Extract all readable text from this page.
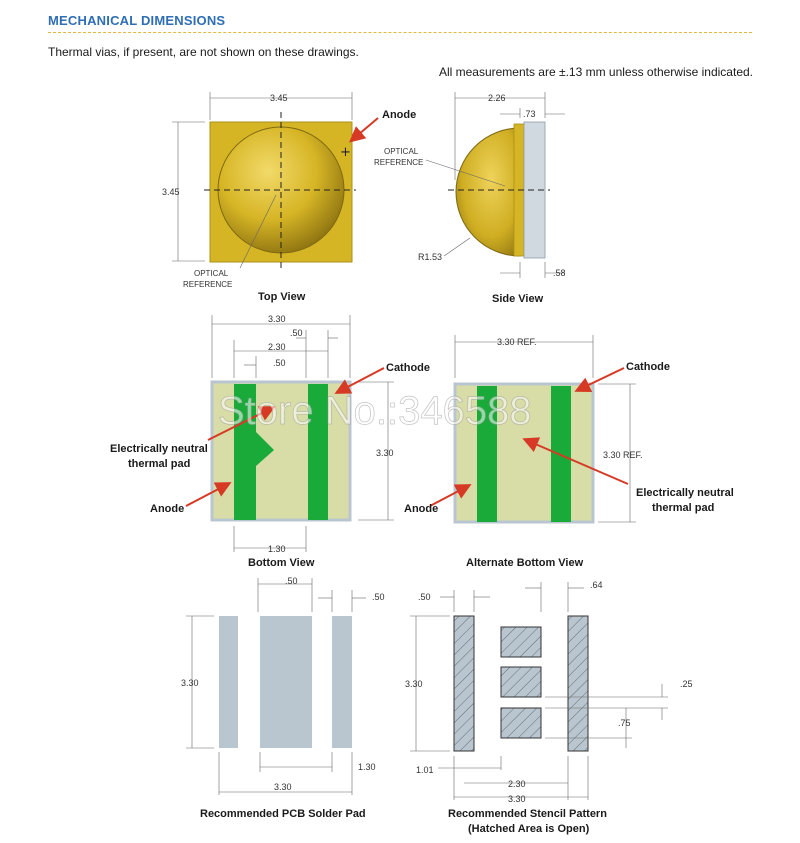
MECHANICAL DIMENSIONS
Thermal vias, if present, are not shown on these drawings.
All measurements are ±.13 mm unless otherwise indicated.
3.45
3.45
+
Anode
OPTICAL
REFERENCE
Top View
2.26
.73
OPTICAL
REFERENCE
R1.53
.58
Side View
3.30
.50
2.30
.50
3.30
1.30
Cathode
Electrically neutral
thermal pad
Anode
Bottom View
3.30 REF.
3.30 REF.
Cathode
Electrically neutral
thermal pad
Anode
Alternate Bottom View
.50
.50
3.30
1.30
3.30
Recommended PCB Solder Pad
.50
.64
3.30	.25
.75
1.01
2.30
3.30
Recommended Stencil Pattern
(Hatched Area is Open)
Store No.:346588
